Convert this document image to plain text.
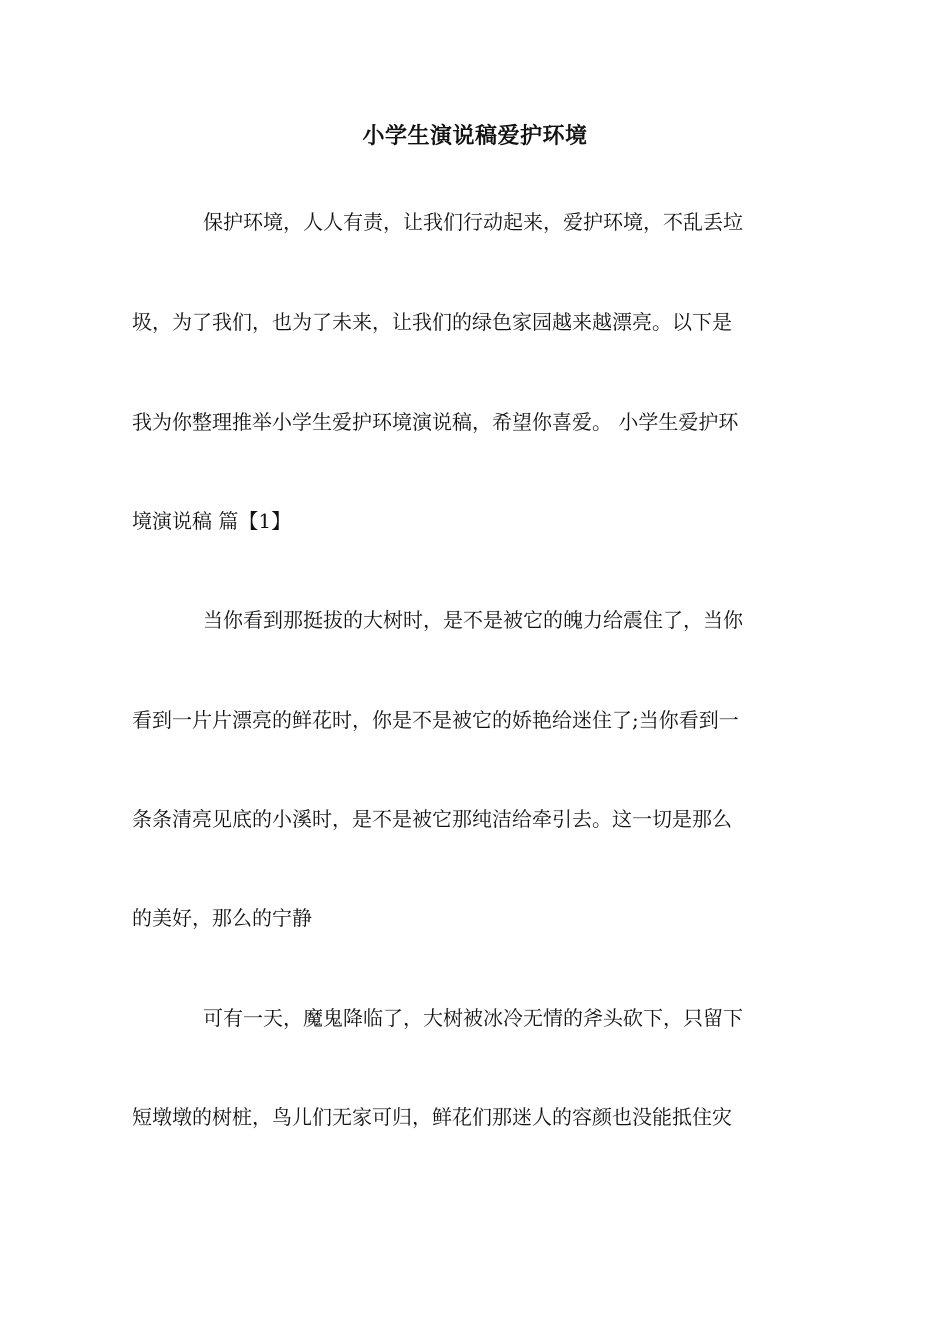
小学生演说稿爱护环境
保护环境，人人有责，让我们行动起来，爱护环境，不乱丢垃
圾，为了我们，也为了未来，让我们的绿色家园越来越漂亮。以下是
我为你整理推举小学生爱护环境演说稿，希望你喜爱。 小学生爱护环
境演说稿 篇【1】
当你看到那挺拔的大树时，是不是被它的魄力给震住了，当你
看到一片片漂亮的鲜花时，你是不是被它的娇艳给迷住了;当你看到一
条条清亮见底的小溪时，是不是被它那纯洁给牵引去。这一切是那么
的美好，那么的宁静
可有一天，魔鬼降临了，大树被冰冷无情的斧头砍下，只留下
短墩墩的树桩，鸟儿们无家可归，鲜花们那迷人的容颜也没能抵住灾
